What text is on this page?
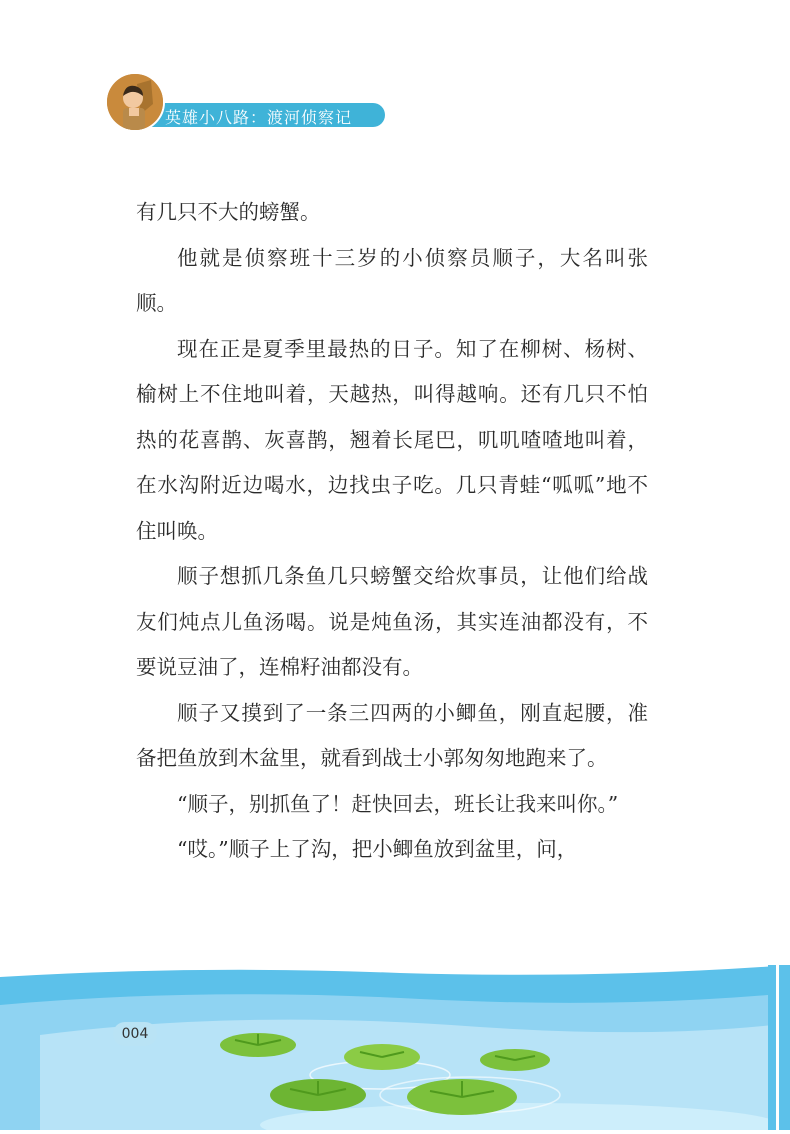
英雄小八路：渡河侦察记

有几只不大的螃蟹。

他就是侦察班十三岁的小侦察员顺子，大名叫张顺。

现在正是夏季里最热的日子。知了在柳树、杨树、榆树上不住地叫着，天越热，叫得越响。还有几只不怕热的花喜鹊、灰喜鹊，翘着长尾巴，叽叽喳喳地叫着，在水沟附近边喝水，边找虫子吃。几只青蛙“呱呱”地不住叫唤。

顺子想抓几条鱼几只螃蟹交给炊事员，让他们给战友们炖点儿鱼汤喝。说是炖鱼汤，其实连油都没有，不要说豆油了，连棉籽油都没有。

顺子又摸到了一条三四两的小鲫鱼，刚直起腰，准备把鱼放到木盆里，就看到战士小郭匆匆地跑来了。

“顺子，别抓鱼了！赶快回去，班长让我来叫你。”

“哎。”顺子上了沟，把小鲫鱼放到盆里，问，

004
